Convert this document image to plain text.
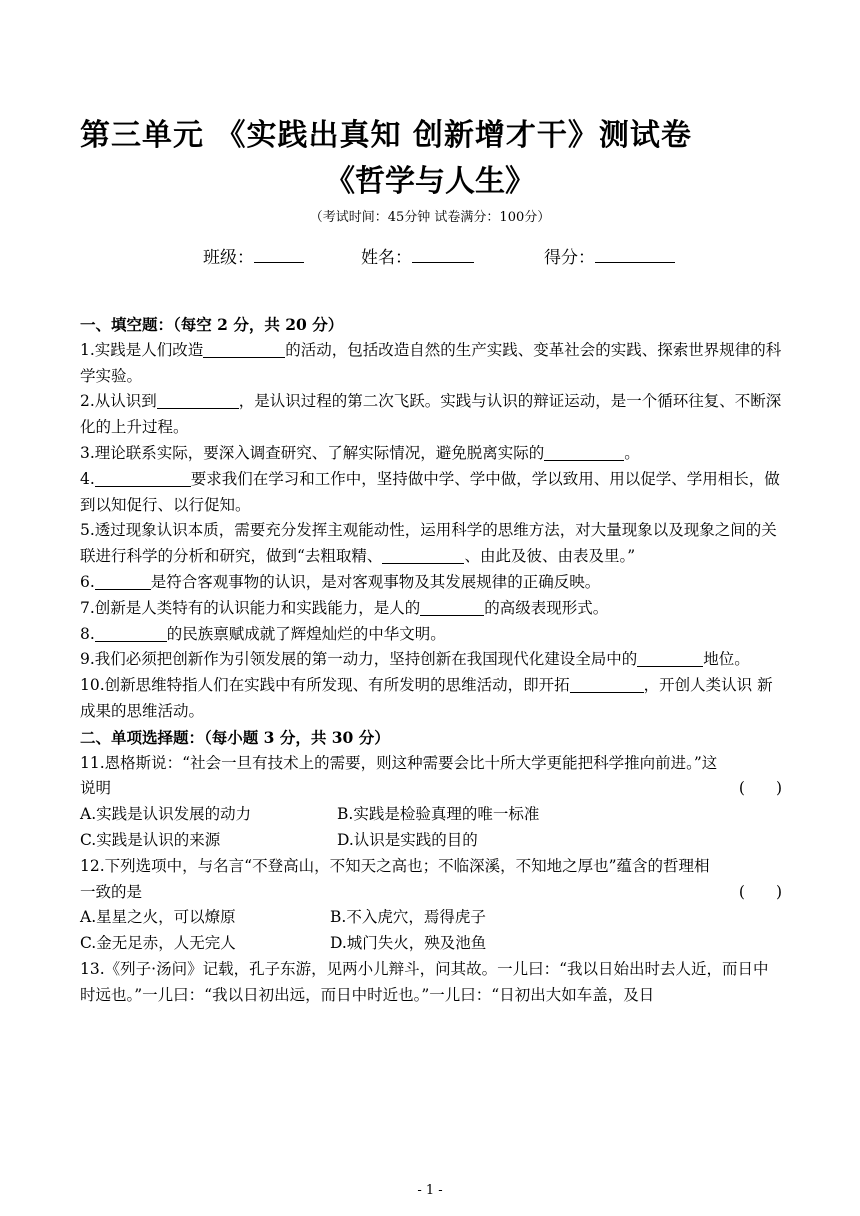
第三单元 《实践出真知 创新增才干》测试卷
《哲学与人生》
（考试时间：45分钟 试卷满分：100分）
班级：	姓名：	得分：
一、填空题：（每空 2 分，共 20 分）

1.实践是人们改造	的活动，包括改造自然的生产实践、变革社会的实践、探索世界规律的科学实验。

2.从认识到	，是认识过程的第二次飞跃。实践与认识的辩证运动，是一个循环往复、不断深化的上升过程。

3.理论联系实际，要深入调查研究、了解实际情况，避免脱离实际的	。

4.	要求我们在学习和工作中，坚持做中学、学中做，学以致用、用以促学、学用相长，做到以知促行、以行促知。

5.透过现象认识本质，需要充分发挥主观能动性，运用科学的思维方法，对大量现象以及现象之间的关联进行科学的分析和研究，做到“去粗取精、	、由此及彼、由表及里。”

6.	是符合客观事物的认识，是对客观事物及其发展规律的正确反映。

7.创新是人类特有的认识能力和实践能力，是人的	的高级表现形式。

8.	的民族禀赋成就了辉煌灿烂的中华文明。

9.我们必须把创新作为引领发展的第一动力，坚持创新在我国现代化建设全局中的	地位。

10.创新思维特指人们在实践中有所发现、有所发明的思维活动，即开拓	，开创人类认识 新成果的思维活动。

二、单项选择题：（每小题 3 分，共 30 分）

11.恩格斯说：“社会一旦有技术上的需要，则这种需要会比十所大学更能把科学推向前进。”这说明	(　　)
A.实践是认识发展的动力	B.实践是检验真理的唯一标准
C.实践是认识的来源	D.认识是实践的目的

12.下列选项中，与名言“不登高山，不知天之高也；不临深溪，不知地之厚也”蕴含的哲理相一致的是	(　　)
A.星星之火，可以燎原	B.不入虎穴，焉得虎子
C.金无足赤，人无完人	D.城门失火，殃及池鱼

13.《列子·汤问》记载，孔子东游，见两小儿辩斗，问其故。一儿曰：“我以日始出时去人近，而日中时远也。”一儿曰：“我以日初出远，而日中时近也。”一儿曰：“日初出大如车盖，及日

- 1 -
